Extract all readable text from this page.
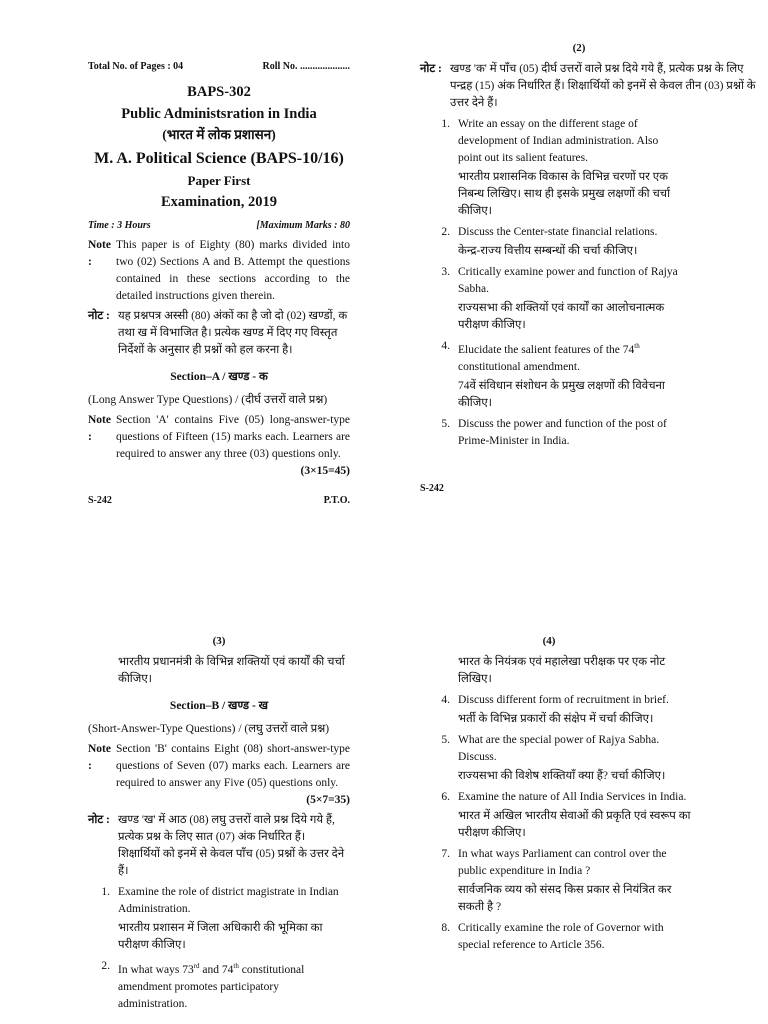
Total No. of Pages : 04	Roll No. ....................
BAPS-302
Public Administsration in India
(भारत में लोक प्रशासन)
M. A. Political Science (BAPS-10/16)
Paper First
Examination, 2019
Time : 3 Hours	[Maximum Marks : 80
Note :
This paper is of Eighty (80) marks divided into two (02) Sections A and B. Attempt the questions contained in these sections according to the detailed instructions given therein.
नोट : यह प्रश्नपत्र अस्सी (80) अंकों का है जो दो (02) खण्डों, क तथा ख में विभाजित है। प्रत्येक खण्ड में दिए गए विस्तृत निर्देशों के अनुसार ही प्रश्नों को हल करना है।
Section–A / खण्ड - क
(Long Answer Type Questions) / (दीर्घ उत्तरों वाले प्रश्न)
Note :
Section 'A' contains Five (05) long-answer-type questions of Fifteen (15) marks each. Learners are required to answer any three (03) questions only.
(3×15=45)
S-242	P.T.O.
(2)
नोट : खण्ड 'क' में पाँच (05) दीर्घ उत्तरों वाले प्रश्न दिये गये हैं, प्रत्येक प्रश्न के लिए पन्द्रह (15) अंक निर्धारित हैं। शिक्षार्थियों को इनमें से केवल तीन (03) प्रश्नों के उत्तर देने हैं।
1. Write an essay on the different stage of development of Indian administration. Also point out its salient features.
भारतीय प्रशासनिक विकास के विभिन्न चरणों पर एक निबन्ध लिखिए। साथ ही इसके प्रमुख लक्षणों की चर्चा कीजिए।
2. Discuss the Center-state financial relations.
केन्द्र-राज्य वित्तीय सम्बन्धों की चर्चा कीजिए।
3. Critically examine power and function of Rajya Sabha.
राज्यसभा की शक्तियों एवं कार्यों का आलोचनात्मक परीक्षण कीजिए।
4. Elucidate the salient features of the 74th constitutional amendment.
74वें संविधान संशोधन के प्रमुख लक्षणों की विवेचना कीजिए।
5. Discuss the power and function of the post of Prime-Minister in India.
S-242
(3)
भारतीय प्रधानमंत्री के विभिन्न शक्तियों एवं कार्यों की चर्चा कीजिए।
Section–B / खण्ड - ख
(Short-Answer-Type Questions) / (लघु उत्तरों वाले प्रश्न)
Note :
Section 'B' contains Eight (08) short-answer-type questions of Seven (07) marks each. Learners are required to answer any Five (05) questions only.
(5×7=35)
नोट : खण्ड 'ख' में आठ (08) लघु उत्तरों वाले प्रश्न दिये गये हैं, प्रत्येक प्रश्न के लिए सात (07) अंक निर्धारित हैं। शिक्षार्थियों को इनमें से केवल पाँच (05) प्रश्नों के उत्तर देने हैं।
1. Examine the role of district magistrate in Indian Administration.
भारतीय प्रशासन में जिला अधिकारी की भूमिका का परीक्षण कीजिए।
2. In what ways 73rd and 74th constitutional amendment promotes participatory administration.
(4)
भारत के नियंत्रक एवं महालेखा परीक्षक पर एक नोट लिखिए।
4. Discuss different form of recruitment in brief.
भर्ती के विभिन्न प्रकारों की संक्षेप में चर्चा कीजिए।
5. What are the special power of Rajya Sabha. Discuss.
राज्यसभा की विशेष शक्तियाँ क्या हैं? चर्चा कीजिए।
6. Examine the nature of All India Services in India.
भारत में अखिल भारतीय सेवाओं की प्रकृति एवं स्वरूप का परीक्षण कीजिए।
7. In what ways Parliament can control over the public expenditure in India ?
सार्वजनिक व्यय को संसद किस प्रकार से नियंत्रित कर सकती है ?
8. Critically examine the role of Governor with special reference to Article 356.
